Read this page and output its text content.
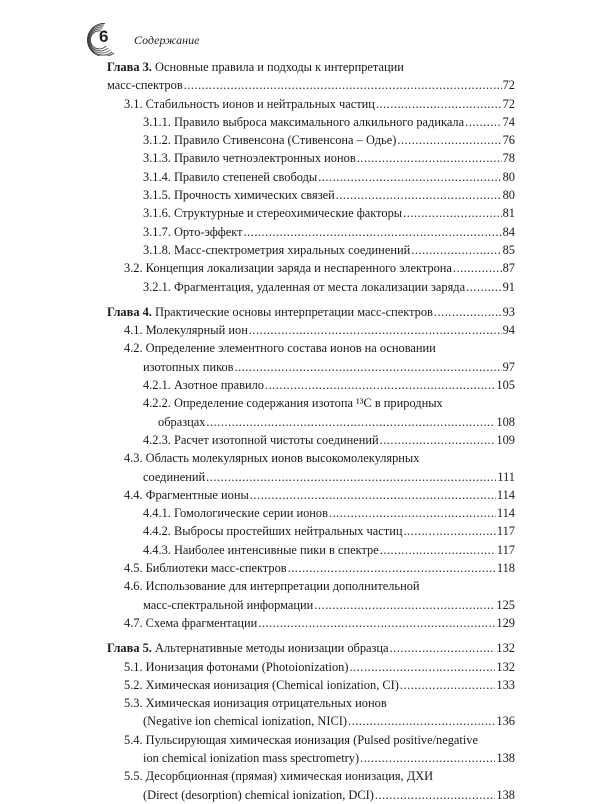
6 Содержание
Глава 3. Основные правила и подходы к интерпретации
масс-спектров .....	72
3.1. Стабильность ионов и нейтральных частиц .....	72
3.1.1. Правило выброса максимального алкильного радикала .....	74
3.1.2. Правило Стивенсона (Стивенсона – Одье) .....	76
3.1.3. Правило четноэлектронных ионов .....	78
3.1.4. Правило степеней свободы .....	80
3.1.5. Прочность химических связей .....	80
3.1.6. Структурные и стереохимические факторы .....	81
3.1.7. Орто-эффект .....	84
3.1.8. Масс-спектрометрия хиральных соединений .....	85
3.2. Концепция локализации заряда и неспаренного электрона .....	87
3.2.1. Фрагментация, удаленная от места локализации заряда .....	91
Глава 4. Практические основы интерпретации масс-спектров .....	93
4.1. Молекулярный ион .....	94
4.2. Определение элементного состава ионов на основании
изотопных пиков .....	97
4.2.1. Азотное правило .....	105
4.2.2. Определение содержания изотопа ¹³C в природных
образцах .....	108
4.2.3. Расчет изотопной чистоты соединений .....	109
4.3. Область молекулярных ионов высокомолекулярных
соединений .....	111
4.4. Фрагментные ионы .....	114
4.4.1. Гомологические серии ионов .....	114
4.4.2. Выбросы простейших нейтральных частиц .....	117
4.4.3. Наиболее интенсивные пики в спектре .....	117
4.5. Библиотеки масс-спектров .....	118
4.6. Использование для интерпретации дополнительной
масс-спектральной информации .....	125
4.7. Схема фрагментации .....	129
Глава 5. Альтернативные методы ионизации образца .....	132
5.1. Ионизация фотонами (Photoionization) .....	132
5.2. Химическая ионизация (Chemical ionization, CI) .....	133
5.3. Химическая ионизация отрицательных ионов
(Negative ion chemical ionization, NICI) .....	136
5.4. Пульсирующая химическая ионизация (Pulsed positive/negative
ion chemical ionization mass spectrometry) .....	138
5.5. Десорбционная (прямая) химическая ионизация, ДХИ
(Direct (desorption) chemical ionization, DCI) .....	138
